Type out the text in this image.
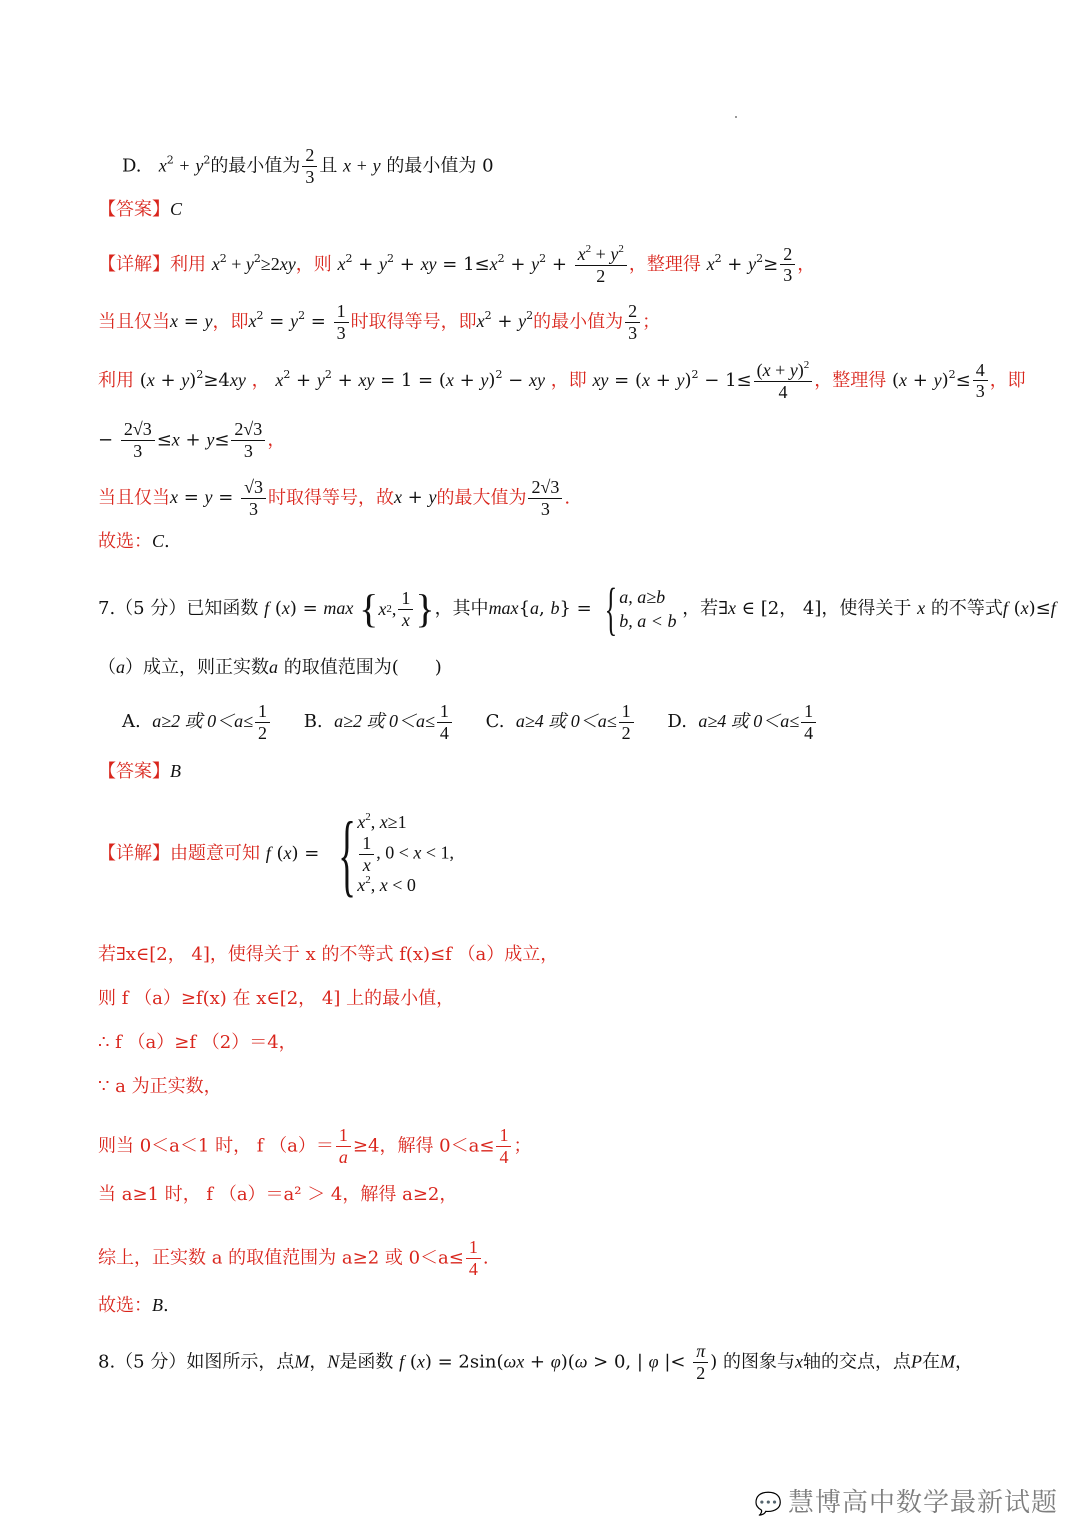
D. $x^2 + y^2$的最小值为 $\frac{2}{3}$ 且 x + y 的最小值为 0
【答案】C
【详解】利用 $x^2 + y^2\ge 2xy$，则 $x^2 + y^2$ + xy = $1\le x^2 + y^2 + \frac{x^2 + y^2}{2}$ ，整理得 $x^2 + y^2\ge \frac{2}{3}$ ，
当且仅当x = y，即$x^2 = y^2 = \frac{1}{3}$ 时取得等号，即$x^2 + y^2$的最小值为 $\frac{2}{3}$ ；
利用 $(x + y)^2\ge 4xy$ ， $x^2 + y^2$ + xy = $1 = (x + y)^2$ − xy ，即 xy = $(x + y)^2 - 1\le \frac{(x + y)^2}{4}$ ，整理得 $(x + y)^2\le \frac{4}{3}$ ，即
− $\frac{2√3}{3} \le x + y\le \frac{2√3}{3}$ ，
当且仅当$x = y = \frac{√3}{3}$ 时取得等号，故x + y的最大值为 $\frac{2√3}{3}$ .
故选：C.
7.（5 分）已知函数 f (x) = max { x 2 , $\frac{1}{x}$ } ，其中max{a, b} = { a, a≥b
b, a < b
，若∃x ∈ [2， 4]，使得关于 x 的不等式f (x)≤f
（a）成立，则正实数a 的取值范围为(　　)
A. a≥2 或 $0<a\le \frac{1}{2} B$. a≥2 或 $0<a\le \frac{1}{4} C$. a≥4 或 $0<a\le \frac{1}{2} D$. a≥4 或 $0<a\le \frac{1}{4}$
【答案】B
【详解】由题意可知 f (x) = { $x^2$, x≥1
$\frac{1}{x}$ , 0 < x < 1,
$x^2$, x < 0
若∃x∈[2， 4]，使得关于 x 的不等式 f(x)≤f （a）成立，
则 f （a）≥f(x) 在 x∈[2， 4] 上的最小值，
∴ f （a）≥f （2）＝4，
∵ a 为正实数，
则当 0＜a＜1 时， f $(a)= \frac{1}{a} \ge 4$，解得 $0<a\le \frac{1}{4}$ ；
当 a≥1 时， f （a）＝a² ＞ 4，解得 a≥2，
综上，正实数 a 的取值范围为 a≥2 或 $0<a\le \frac{1}{4}$ .
故选：B.
8.（5 分）如图所示，点M，N是函数 f (x) = 2sin(ωx + φ)(ω > 0, | φ |< $\frac{\pi}{2}$ ) 的图象与x轴的交点，点P在M，
💬 慧博高中数学最新试题
